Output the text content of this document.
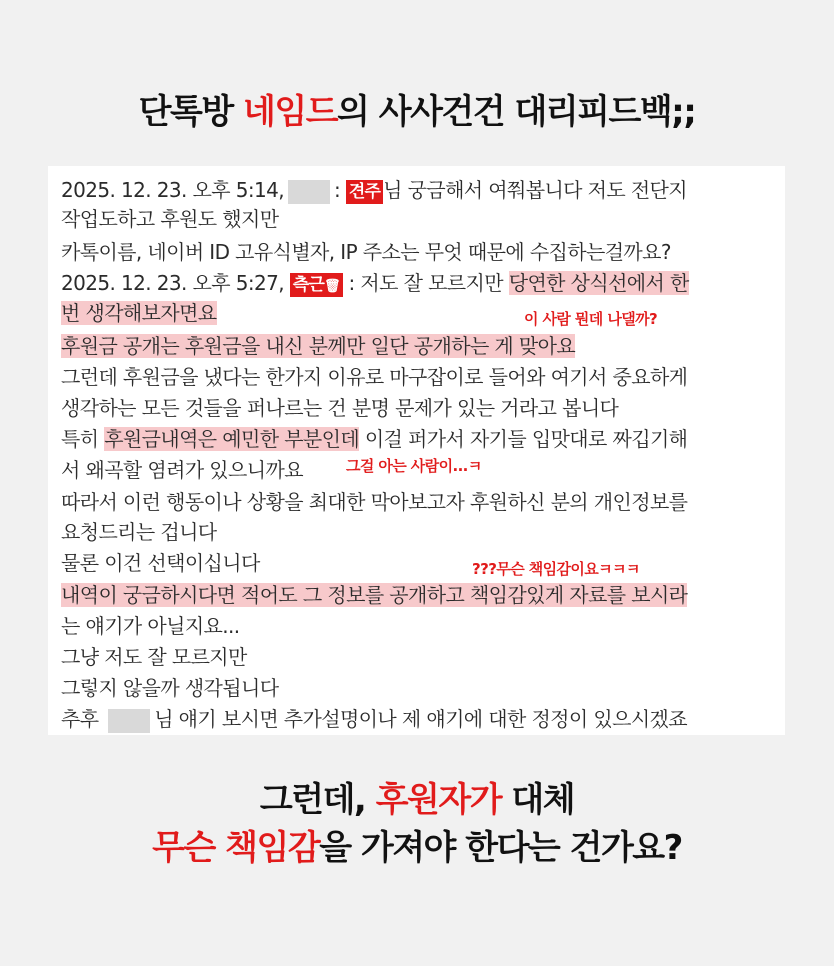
단톡방 네임드의 사사건건 대리피드백;;
2025. 12. 23. 오후 5:14,	: 견주 님 궁금해서 여쭤봅니다 저도 전단지
작업도하고 후원도 했지만
카톡이름, 네이버 ID 고유식별자, IP 주소는 무엇 때문에 수집하는걸까요?
2025. 12. 23. 오후 5:27, 측근🗑 : 저도 잘 모르지만 당연한 상식선에서 한
번 생각해보자면요
후원금 공개는 후원금을 내신 분께만 일단 공개하는 게 맞아요
그런데 후원금을 냈다는 한가지 이유로 마구잡이로 들어와 여기서 중요하게
생각하는 모든 것들을 퍼나르는 건 분명 문제가 있는 거라고 봅니다
특히 후원금내역은 예민한 부분인데 이걸 퍼가서 자기들 입맛대로 짜깁기해
서 왜곡할 염려가 있으니까요
따라서 이런 행동이나 상황을 최대한 막아보고자 후원하신 분의 개인정보를
요청드리는 겁니다
물론 이건 선택이십니다
내역이 궁금하시다면 적어도 그 정보를 공개하고 책임감있게 자료를 보시라
는 얘기가 아닐지요...
그냥 저도 잘 모르지만
그렇지 않을까 생각됩니다
추후	님 얘기 보시면 추가설명이나 제 얘기에 대한 정정이 있으시겠죠
이 사람 뭔데 나댈까?
그걸 아는 사람이...ㅋ
???무슨 책임감이요ㅋㅋㅋ
그런데, 후원자가 대체
무슨 책임감을 가져야 한다는 건가요?
